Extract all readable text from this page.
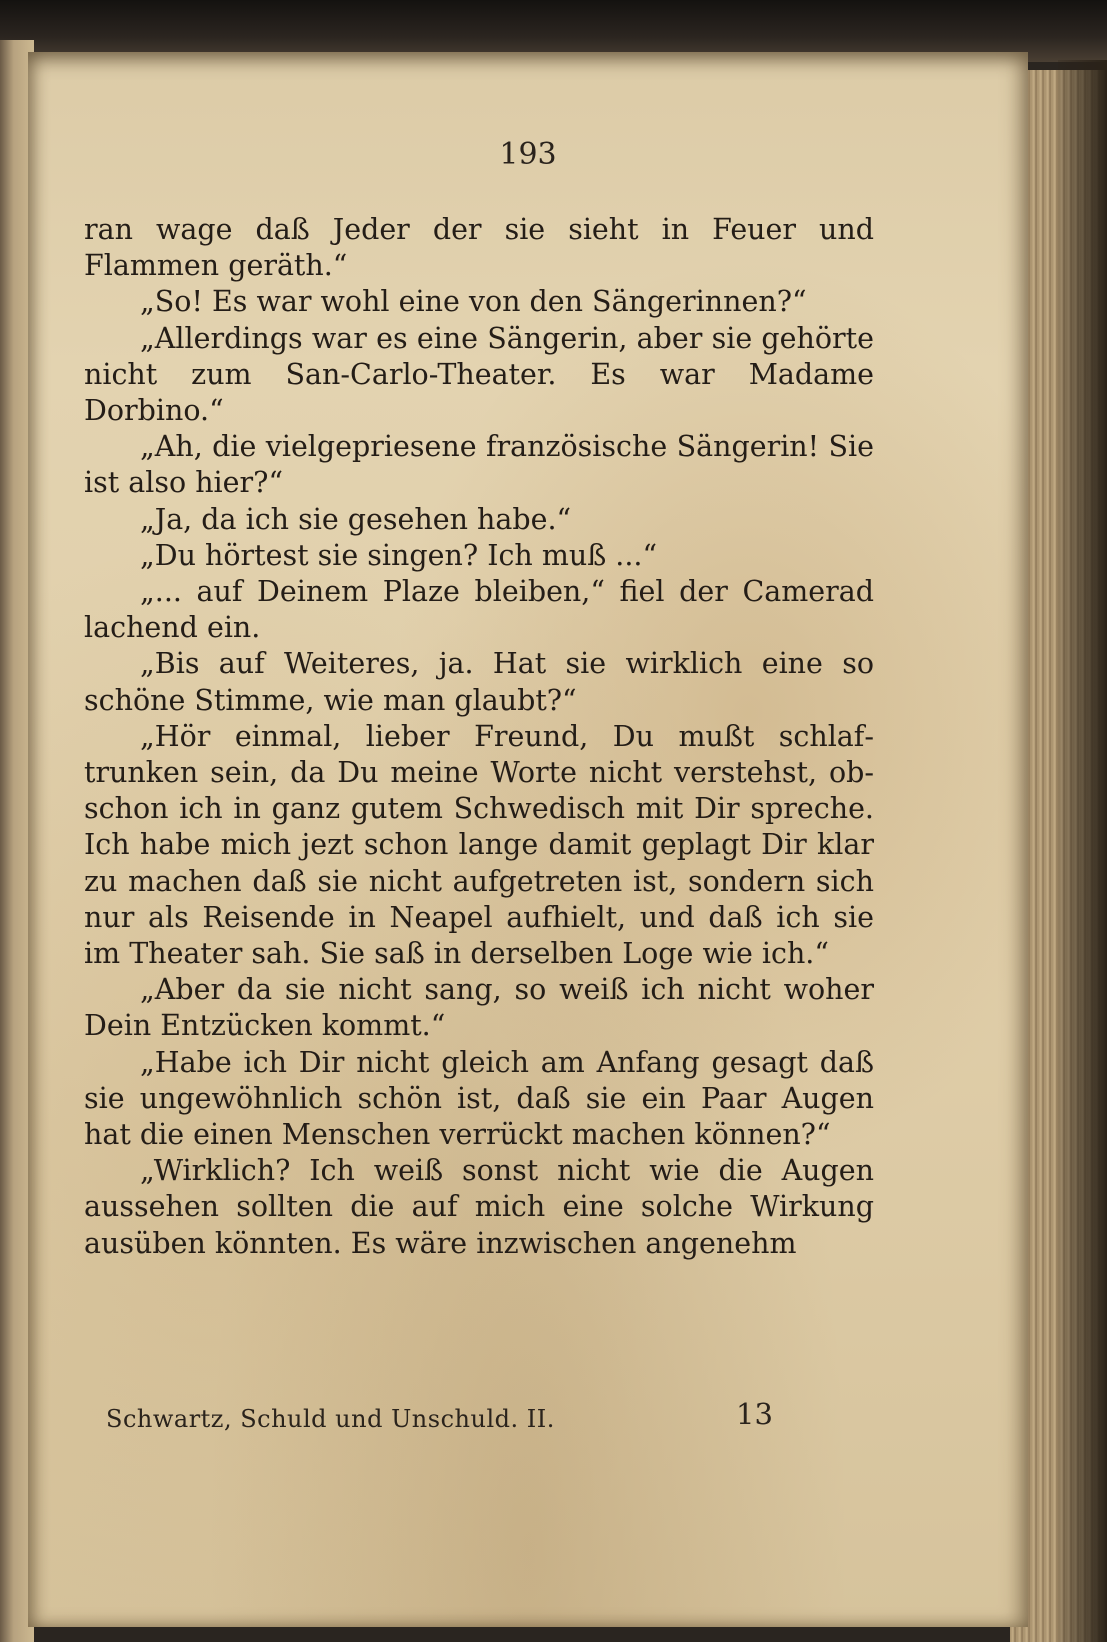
193

ran wage daß Jeder der sie sieht in Feuer und Flammen geräth.“

„So! Es war wohl eine von den Sängerinnen?“

„Allerdings war es eine Sängerin, aber sie gehörte nicht zum San-Carlo-Theater. Es war Madame Dorbino.“

„Ah, die vielgepriesene französische Sängerin! Sie ist also hier?“

„Ja, da ich sie gesehen habe.“

„Du hörtest sie singen? Ich muß ...“

„... auf Deinem Plaze bleiben,“ fiel der Camerad lachend ein.

„Bis auf Weiteres, ja. Hat sie wirklich eine so schöne Stimme, wie man glaubt?“

„Hör einmal, lieber Freund, Du mußt schlaftrunken sein, da Du meine Worte nicht verstehst, obschon ich in ganz gutem Schwedisch mit Dir spreche. Ich habe mich jezt schon lange damit geplagt Dir klar zu machen daß sie nicht aufgetreten ist, sondern sich nur als Reisende in Neapel aufhielt, und daß ich sie im Theater sah. Sie saß in derselben Loge wie ich.“

„Aber da sie nicht sang, so weiß ich nicht woher Dein Entzücken kommt.“

„Habe ich Dir nicht gleich am Anfang gesagt daß sie ungewöhnlich schön ist, daß sie ein Paar Augen hat die einen Menschen verrückt machen können?“

„Wirklich? Ich weiß sonst nicht wie die Augen aussehen sollten die auf mich eine solche Wirkung ausüben könnten. Es wäre inzwischen angenehm

Schwartz, Schuld und Unschuld. II.	13
